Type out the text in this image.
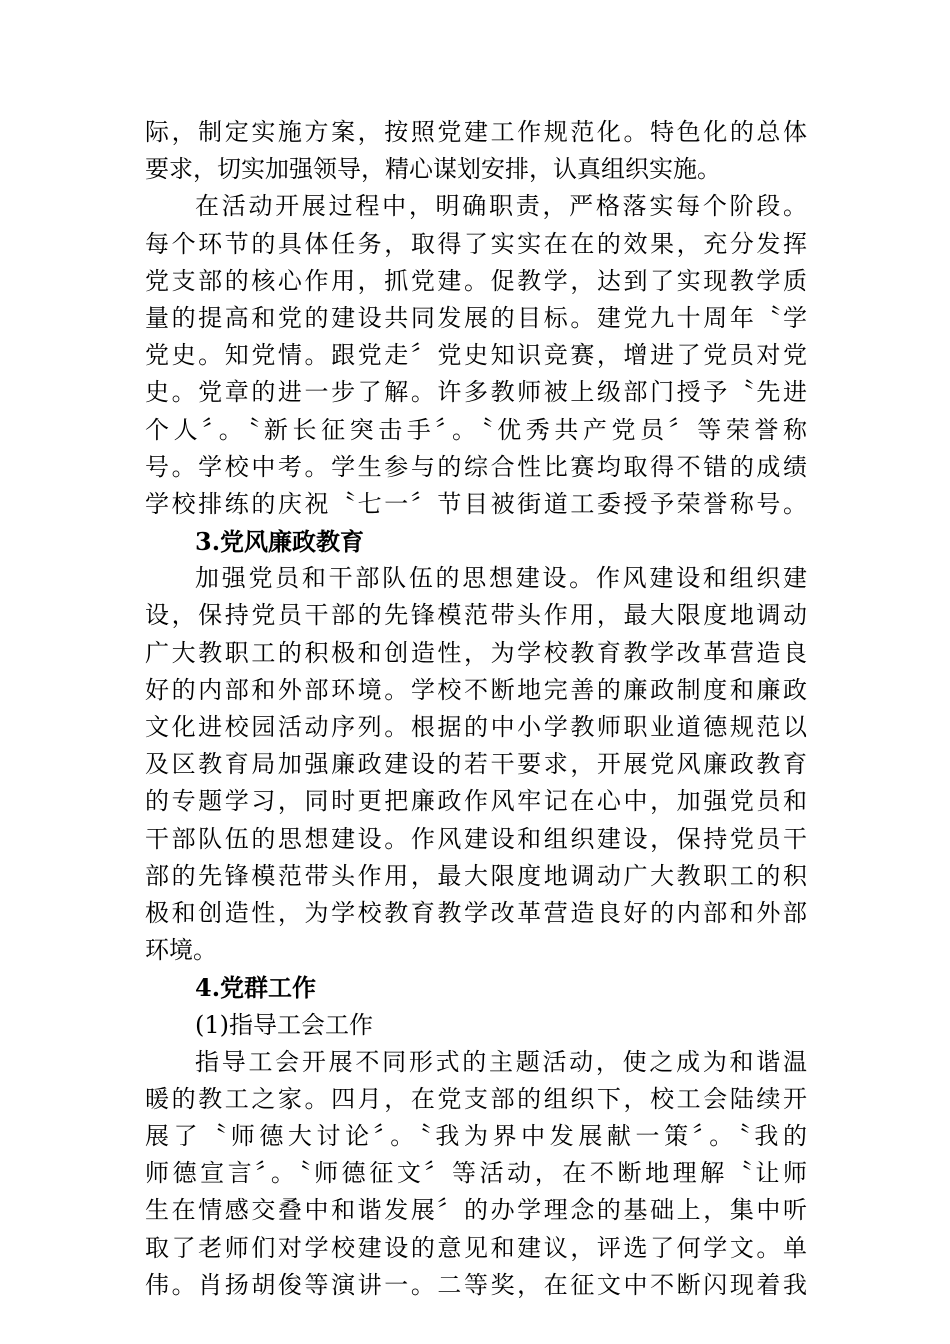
际，制定实施方案，按照党建工作规范化。特色化的总体
要求，切实加强领导，精心谋划安排，认真组织实施。
在活动开展过程中，明确职责，严格落实每个阶段。
每个环节的具体任务，取得了实实在在的效果，充分发挥
党支部的核心作用，抓党建。促教学，达到了实现教学质
量的提高和党的建设共同发展的目标。建党九十周年〝学
党史。知党情。跟党走〞党史知识竞赛，增进了党员对党
史。党章的进一步了解。许多教师被上级部门授予〝先进
个人〞。〝新长征突击手〞。〝优秀共产党员〞等荣誉称
号。学校中考。学生参与的综合性比赛均取得不错的成绩
学校排练的庆祝〝七一〞节目被街道工委授予荣誉称号。
3.党风廉政教育
加强党员和干部队伍的思想建设。作风建设和组织建
设，保持党员干部的先锋模范带头作用，最大限度地调动
广大教职工的积极和创造性，为学校教育教学改革营造良
好的内部和外部环境。学校不断地完善的廉政制度和廉政
文化进校园活动序列。根据的中小学教师职业道德规范以
及区教育局加强廉政建设的若干要求，开展党风廉政教育
的专题学习，同时更把廉政作风牢记在心中，加强党员和
干部队伍的思想建设。作风建设和组织建设，保持党员干
部的先锋模范带头作用，最大限度地调动广大教职工的积
极和创造性，为学校教育教学改革营造良好的内部和外部
环境。
4.党群工作
(1)指导工会工作
指导工会开展不同形式的主题活动，使之成为和谐温
暖的教工之家。四月，在党支部的组织下，校工会陆续开
展了〝师德大讨论〞。〝我为界中发展献一策〞。〝我的
师德宣言〞。〝师德征文〞等活动，在不断地理解〝让师
生在情感交叠中和谐发展〞的办学理念的基础上，集中听
取了老师们对学校建设的意见和建议，评选了何学文。单
伟。肖扬胡俊等演讲一。二等奖，在征文中不断闪现着我
